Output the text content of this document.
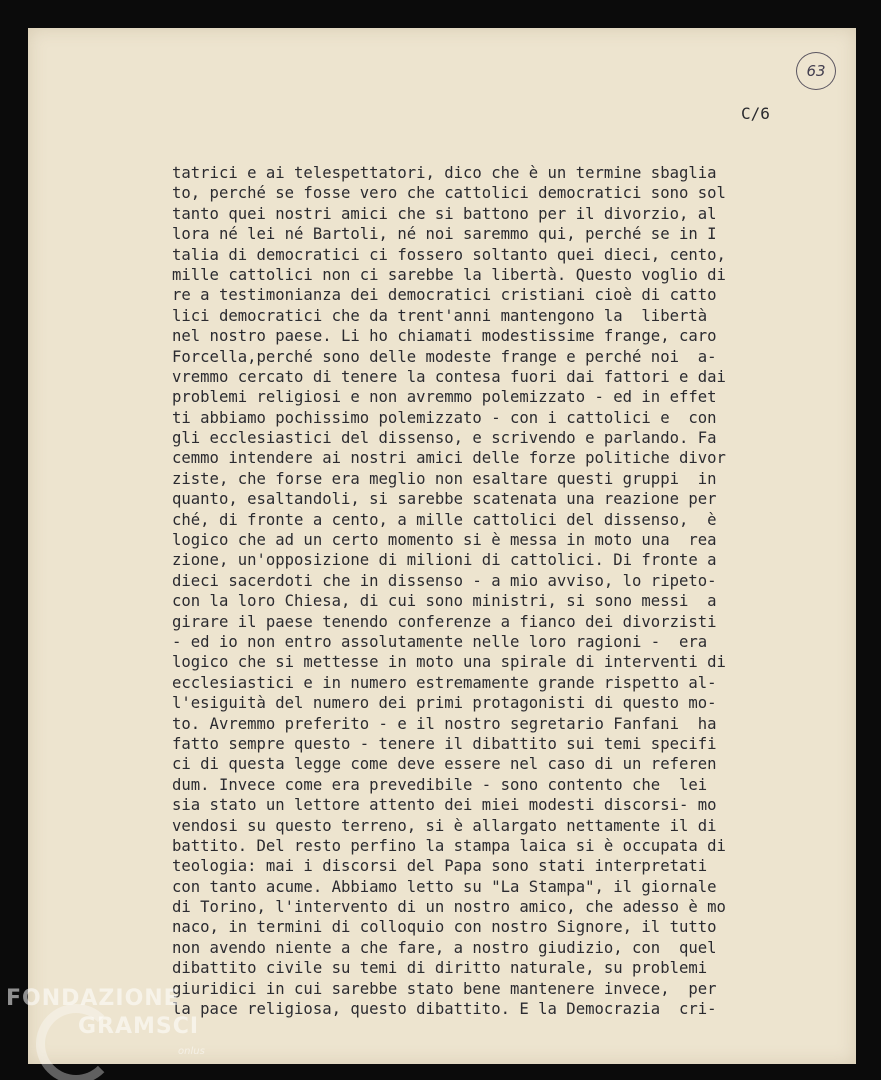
63
C/6
tatrici e ai telespettatori, dico che è un termine sbaglia
to, perché se fosse vero che cattolici democratici sono sol
tanto quei nostri amici che si battono per il divorzio, al
lora né lei né Bartoli, né noi saremmo qui, perché se in I
talia di democratici ci fossero soltanto quei dieci, cento,
mille cattolici non ci sarebbe la libertà. Questo voglio di
re a testimonianza dei democratici cristiani cioè di catto
lici democratici che da trent'anni mantengono la  libertà
nel nostro paese. Li ho chiamati modestissime frange, caro
Forcella,perché sono delle modeste frange e perché noi  a-
vremmo cercato di tenere la contesa fuori dai fattori e dai
problemi religiosi e non avremmo polemizzato - ed in effet
ti abbiamo pochissimo polemizzato - con i cattolici e  con
gli ecclesiastici del dissenso, e scrivendo e parlando. Fa
cemmo intendere ai nostri amici delle forze politiche divor
ziste, che forse era meglio non esaltare questi gruppi  in
quanto, esaltandoli, si sarebbe scatenata una reazione per
ché, di fronte a cento, a mille cattolici del dissenso,  è
logico che ad un certo momento si è messa in moto una  rea
zione, un'opposizione di milioni di cattolici. Di fronte a
dieci sacerdoti che in dissenso - a mio avviso, lo ripeto-
con la loro Chiesa, di cui sono ministri, si sono messi  a
girare il paese tenendo conferenze a fianco dei divorzisti
- ed io non entro assolutamente nelle loro ragioni -  era
logico che si mettesse in moto una spirale di interventi di
ecclesiastici e in numero estremamente grande rispetto al-
l'esiguità del numero dei primi protagonisti di questo mo-
to. Avremmo preferito - e il nostro segretario Fanfani  ha
fatto sempre questo - tenere il dibattito sui temi specifi
ci di questa legge come deve essere nel caso di un referen
dum. Invece come era prevedibile - sono contento che  lei
sia stato un lettore attento dei miei modesti discorsi- mo
vendosi su questo terreno, si è allargato nettamente il di
battito. Del resto perfino la stampa laica si è occupata di
teologia: mai i discorsi del Papa sono stati interpretati
con tanto acume. Abbiamo letto su "La Stampa", il giornale
di Torino, l'intervento di un nostro amico, che adesso è mo
naco, in termini di colloquio con nostro Signore, il tutto
non avendo niente a che fare, a nostro giudizio, con  quel
dibattito civile su temi di diritto naturale, su problemi
giuridici in cui sarebbe stato bene mantenere invece,  per
la pace religiosa, questo dibattito. E la Democrazia  cri-
FONDAZIONE
GRAMSCI
onlus
